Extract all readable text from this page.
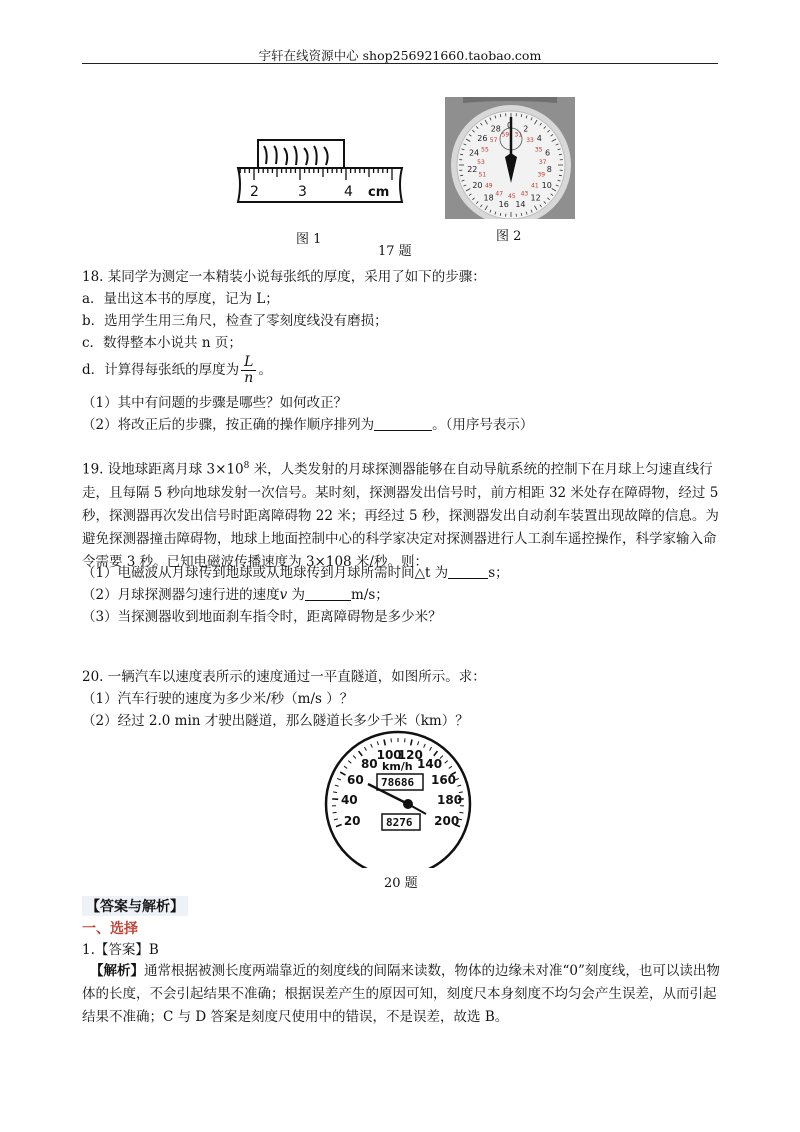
宇轩在线资源中心 shop256921660.taobao.com
2	3	4 cm
图 1
0 2
4
6
8
10
12
14
16
18
20
22
24
26
28
31
33
35
37
39
41
43
45
47
49
51
53
55
57
59
图 2
17 题
18. 某同学为测定一本精装小说每张纸的厚度，采用了如下的步骤：
a．量出这本书的厚度，记为 L；
b．选用学生用三角尺，检查了零刻度线没有磨损；
c．数得整本小说共 n 页；
d．计算得每张纸的厚度为 $\frac{L}{n}$ 。
（1）其中有问题的步骤是哪些？如何改正？
（2）将改正后的步骤，按正确的操作顺序排列为	。（用序号表示）
19. 设地球距离月球 $3\times 10^8$ 米，人类发射的月球探测器能够在自动导航系统的控制下在月球上匀速直线行走，且每隔 5 秒向地球发射一次信号。某时刻，探测器发出信号时，前方相距 32 米处存在障碍物，经过 5 秒，探测器再次发出信号时距离障碍物 22 米；再经过 5 秒，探测器发出自动刹车装置出现故障的信息。为避免探测器撞击障碍物，地球上地面控制中心的科学家决定对探测器进行人工刹车遥控操作，科学家输入命令需要 3 秒。已知电磁波传播速度为 3×108 米/秒。则：
（1）电磁波从月球传到地球或从地球传到月球所需时间△t 为	s；
（2）月球探测器匀速行进的速度v 为	m/s；
（3）当探测器收到地面刹车指令时，距离障碍物是多少米？
20. 一辆汽车以速度表所示的速度通过一平直隧道，如图所示。求：
（1）汽车行驶的速度为多少米/秒（m/s ）？
（2）经过 2.0 min 才驶出隧道，那么隧道长多少千米（km）？
20
40
60
80
100
120
140
160
180
200
km/h
78686
8276
20 题
【答案与解析】
一、选择
1.【答案】B
【解析】通常根据被测长度两端靠近的刻度线的间隔来读数，物体的边缘未对准“0”刻度线，也可以读出物体的长度，不会引起结果不准确；根据误差产生的原因可知，刻度尺本身刻度不均匀会产生误差，从而引起结果不准确；C 与 D 答案是刻度尺使用中的错误，不是误差，故选 B。
